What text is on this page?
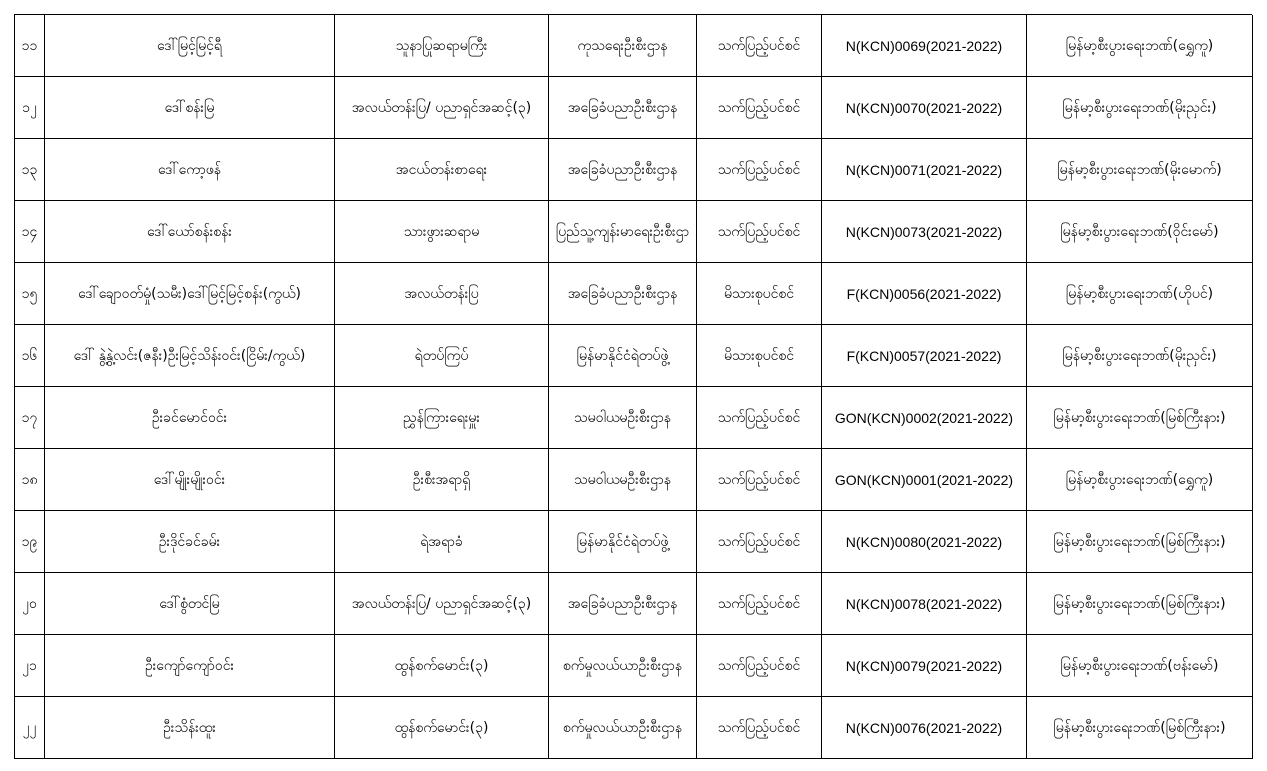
၁၁	ဒေါ်မြင့်မြင့်ရီ	သူနာပြုဆရာမကြီး	ကုသရေးဦးစီးဌာန	သက်ပြည့်ပင်စင်	N(KCN)0069(2021-2022)	မြန်မာ့စီးပွားရေးဘဏ်(ရွှေကူ)
၁၂	ဒေါ်စန်းမြ	အလယ်တန်းပြ/ ပညာရှင်အဆင့်(၃)	အခြေခံပညာဦးစီးဌာန	သက်ပြည့်ပင်စင်	N(KCN)0070(2021-2022)	မြန်မာ့စီးပွားရေးဘဏ်(မိုးညှင်း)
၁၃	ဒေါ်ကော့ဖန်	အငယ်တန်းစာရေး	အခြေခံပညာဦးစီးဌာန	သက်ပြည့်ပင်စင်	N(KCN)0071(2021-2022)	မြန်မာ့စီးပွားရေးဘဏ်(မိုးမောက်)
၁၄	ဒေါ်ယော်စန်းစန်း	သားဖွားဆရာမ	ပြည်သူ့ကျန်းမာရေးဦးစီးဌာ	သက်ပြည့်ပင်စင်	N(KCN)0073(2021-2022)	မြန်မာ့စီးပွားရေးဘဏ်(ဝိုင်းမော်)
၁၅	ဒေါ်ချောဝတ်မှုံ(သမီး)ဒေါ်မြင့်မြင့်စန်း(ကွယ်)	အလယ်တန်းပြ	အခြေခံပညာဦးစီးဌာန	မိသားစုပင်စင်	F(KCN)0056(2021-2022)	မြန်မာ့စီးပွားရေးဘဏ်(ဟိုပင်)
၁၆	ဒေါ် နွဲ့နွဲ့လင်း(ဇနီး)ဦးမြင့်သိန်းဝင်း(ငြိမ်း/ကွယ်)	ရဲတပ်ကြပ်	မြန်မာနိုင်ငံရဲတပ်ဖွဲ့	မိသားစုပင်စင်	F(KCN)0057(2021-2022)	မြန်မာ့စီးပွားရေးဘဏ်(မိုးညှင်း)
၁၇	ဦးခင်မောင်ဝင်း	ညွှန်ကြားရေးမှူး	သမဝါယမဦးစီးဌာန	သက်ပြည့်ပင်စင်	GON(KCN)0002(2021-2022)	မြန်မာ့စီးပွားရေးဘဏ်(မြစ်ကြီးနား)
၁၈	ဒေါ်မျိုးမျိုးဝင်း	ဦးစီးအရာရှိ	သမဝါယမဦးစီးဌာန	သက်ပြည့်ပင်စင်	GON(KCN)0001(2021-2022)	မြန်မာ့စီးပွားရေးဘဏ်(ရွှေကူ)
၁၉	ဦးဒိုင်ခင်ခမ်း	ရဲအရာခံ	မြန်မာနိုင်ငံရဲတပ်ဖွဲ့	သက်ပြည့်ပင်စင်	N(KCN)0080(2021-2022)	မြန်မာ့စီးပွားရေးဘဏ်(မြစ်ကြီးနား)
၂၀	ဒေါ်စွံတင်မြ	အလယ်တန်းပြ/ ပညာရှင်အဆင့်(၃)	အခြေခံပညာဦးစီးဌာန	သက်ပြည့်ပင်စင်	N(KCN)0078(2021-2022)	မြန်မာ့စီးပွားရေးဘဏ်(မြစ်ကြီးနား)
၂၁	ဦးကျော်ကျော်ဝင်း	ထွန်စက်မောင်း(၃)	စက်မှုလယ်ယာဦးစီးဌာန	သက်ပြည့်ပင်စင်	N(KCN)0079(2021-2022)	မြန်မာ့စီးပွားရေးဘဏ်(ဗန်းမော်)
၂၂	ဦးသိန်းထူး	ထွန်စက်မောင်း(၃)	စက်မှုလယ်ယာဦးစီးဌာန	သက်ပြည့်ပင်စင်	N(KCN)0076(2021-2022)	မြန်မာ့စီးပွားရေးဘဏ်(မြစ်ကြီးနား)
